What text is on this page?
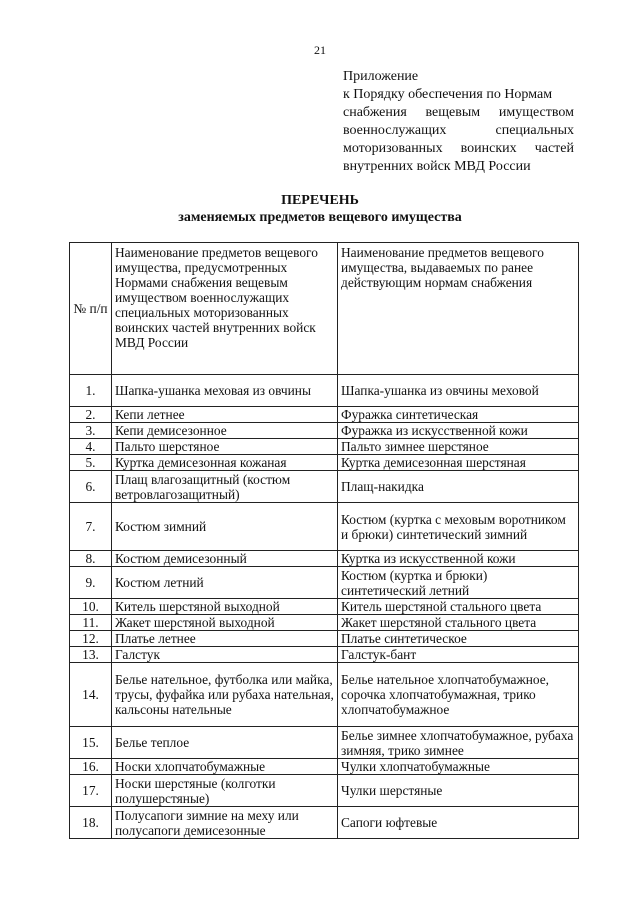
21
Приложение
к Порядку обеспечения по Нормам
снабжения вещевым имуществом
военнослужащих специальных
моторизованных воинских частей
внутренних войск МВД России
ПЕРЕЧЕНЬ
заменяемых предметов вещевого имущества
№ п/п	Наименование предметов вещевого имущества, предусмотренных Нормами снабжения вещевым имуществом военнослужащих специальных моторизованных воинских частей внутренних войск МВД России	Наименование предметов вещевого имущества, выдаваемых по ранее действующим нормам снабжения
1.	Шапка-ушанка меховая из овчины	Шапка-ушанка из овчины меховой
2.	Кепи летнее	Фуражка синтетическая
3.	Кепи демисезонное	Фуражка из искусственной кожи
4.	Пальто шерстяное	Пальто зимнее шерстяное
5.	Куртка демисезонная кожаная	Куртка демисезонная шерстяная
6.	Плащ влагозащитный (костюм ветровлагозащитный)	Плащ-накидка
7.	Костюм зимний	Костюм (куртка с меховым воротником и брюки) синтетический зимний
8.	Костюм демисезонный	Куртка из искусственной кожи
9.	Костюм летний	Костюм (куртка и брюки) синтетический летний
10.	Китель шерстяной выходной	Китель шерстяной стального цвета
11.	Жакет шерстяной выходной	Жакет шерстяной стального цвета
12.	Платье летнее	Платье синтетическое
13.	Галстук	Галстук-бант
14.	Белье нательное, футболка или майка, трусы, фуфайка или рубаха нательная, кальсоны нательные	Белье нательное хлопчатобумажное, сорочка хлопчатобумажная, трико хлопчатобумажное
15.	Белье теплое	Белье зимнее хлопчатобумажное, рубаха зимняя, трико зимнее
16.	Носки хлопчатобумажные	Чулки хлопчатобумажные
17.	Носки шерстяные (колготки полушерстяные)	Чулки шерстяные
18.	Полусапоги зимние на меху или полусапоги демисезонные	Сапоги юфтевые
